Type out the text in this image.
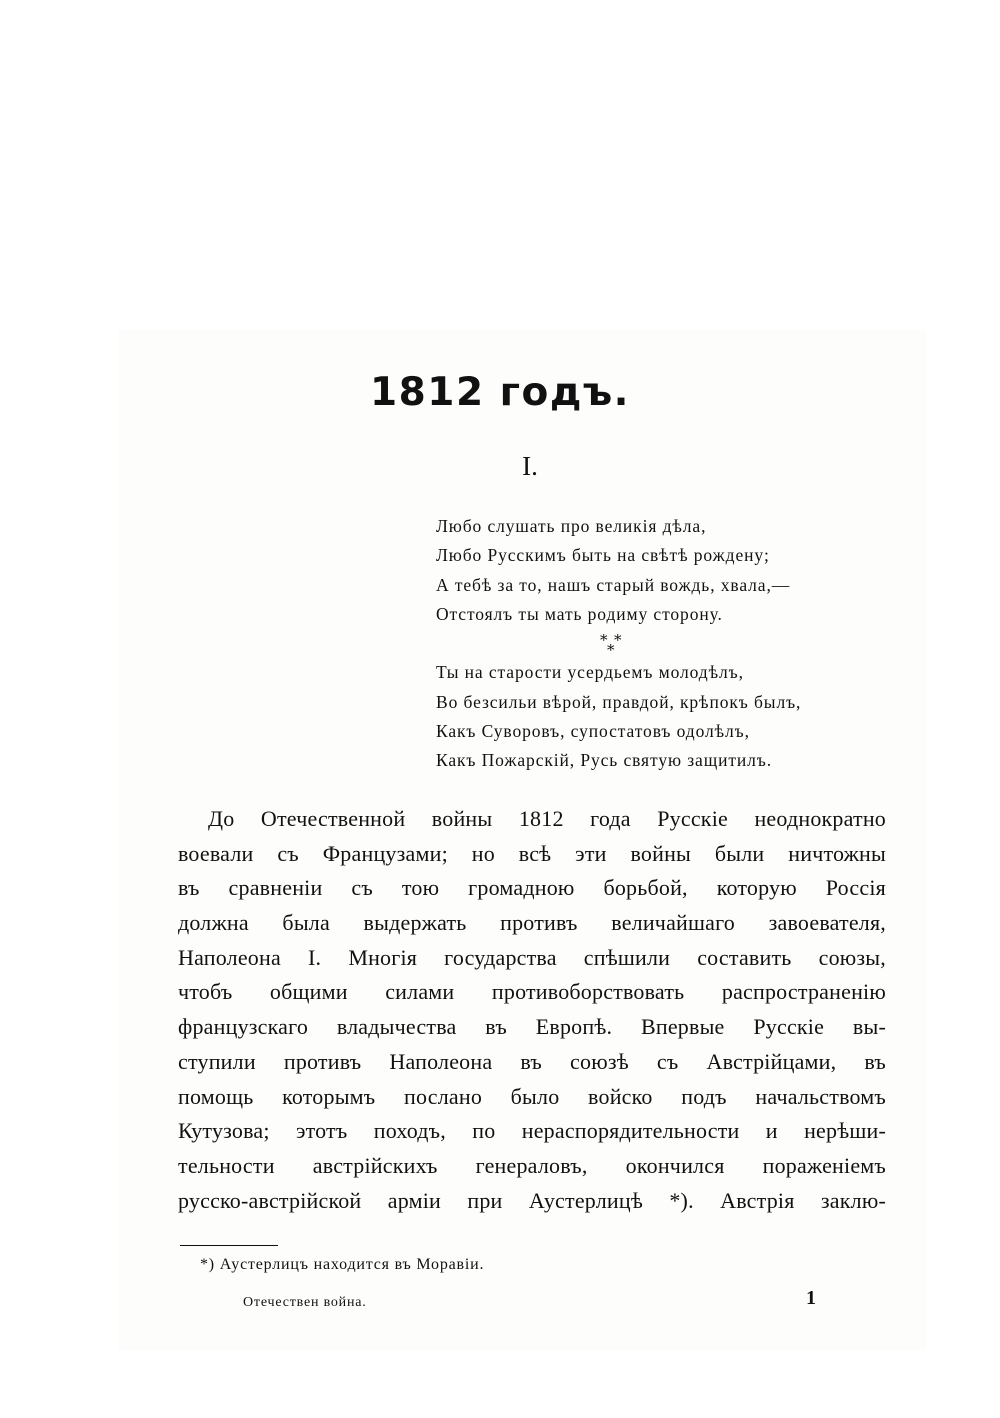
1812 годъ.
I.
Любо слушать про великія дѣла,
Любо Русскимъ быть на свѣтѣ рожденy;
А тебѣ за то, нашъ старый вождь, хвала,—
Отстоялъ ты мать родиму сторону.
* *
*
Ты на старости усердьемъ молодѣлъ,
Во безсильи вѣрой, правдой, крѣпокъ былъ,
Какъ Суворовъ, супостатовъ одолѣлъ,
Какъ Пожарскій, Русь святую защитилъ.
До Отечественной войны 1812 года Русскіе неоднократно
воевали съ Французами; но всѣ эти войны были ничтожны
въ сравненіи съ тою громадною борьбой, которую Россія
должна была выдержать противъ величайшаго завоевателя,
Наполеона I. Многія государства спѣшили составить союзы,
чтобъ общими силами противоборствовать распространенію
французскаго владычества въ Европѣ. Впервые Русскіе вы-
ступили противъ Наполеона въ союзѣ съ Австрійцами, въ
помощь которымъ послано было войско подъ начальствомъ
Кутузова; этотъ походъ, по нераспорядительности и нерѣши-
тельности австрійскихъ генераловъ, окончился пораженіемъ
русско-австрійской арміи при Аустерлицѣ *). Австрія заклю-
*) Аустерлицъ находится въ Моравіи.
Отечествен война.	1
